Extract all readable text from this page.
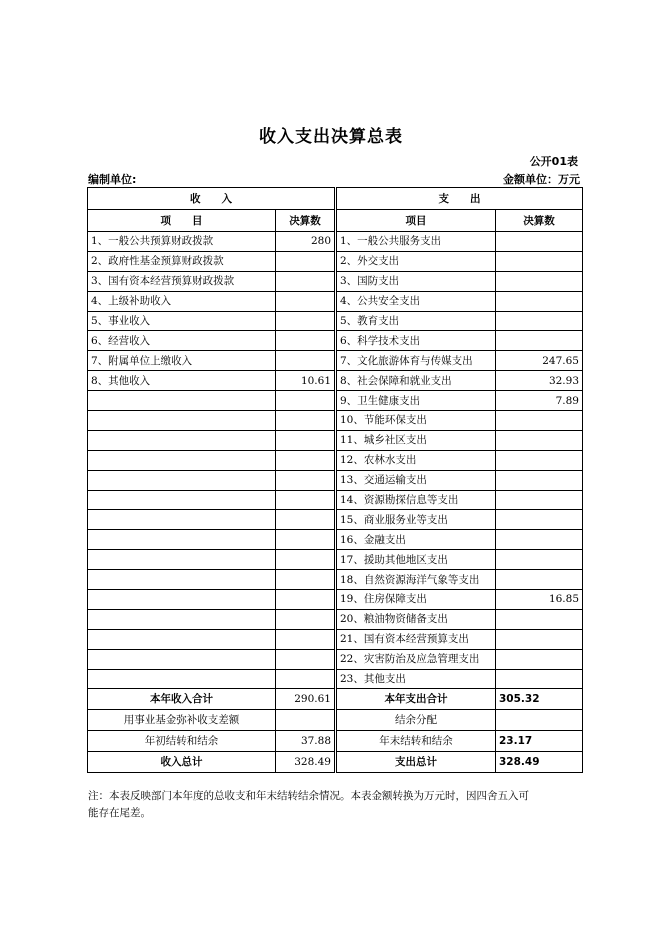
收入支出决算总表
公开01表
编制单位:	金额单位：万元
收　　入		支　　出	
项　　目	决算数	项目	决算数
1、一般公共预算财政拨款	280	1、一般公共服务支出	
2、政府性基金预算财政拨款		2、外交支出	
3、国有资本经营预算财政拨款		3、国防支出	
4、上级补助收入		4、公共安全支出	
5、事业收入		5、教育支出	
6、经营收入		6、科学技术支出	
7、附属单位上缴收入		7、文化旅游体育与传媒支出	247.65
8、其他收入	10.61	8、社会保障和就业支出	32.93
		9、卫生健康支出	7.89
		10、节能环保支出	
		11、城乡社区支出	
		12、农林水支出	
		13、交通运输支出	
		14、资源勘探信息等支出	
		15、商业服务业等支出	
		16、金融支出	
		17、援助其他地区支出	
		18、自然资源海洋气象等支出	
		19、住房保障支出	16.85
		20、粮油物资储备支出	
		21、国有资本经营预算支出	
		22、灾害防治及应急管理支出	
		23、其他支出	
本年收入合计	290.61	本年支出合计	305.32
用事业基金弥补收支差额		结余分配	
年初结转和结余	37.88	年末结转和结余	23.17
收入总计	328.49	支出总计	328.49
注：本表反映部门本年度的总收支和年末结转结余情况。本表金额转换为万元时，因四舍五入可
能存在尾差。
